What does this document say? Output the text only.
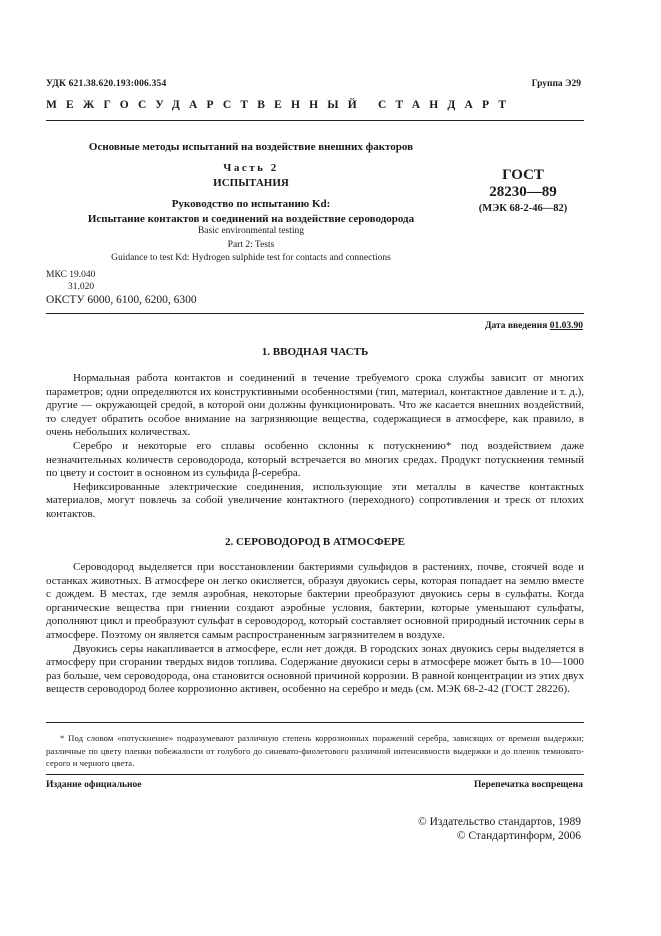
УДК 621.38.620.193:006.354	Группа Э29
МЕЖГОСУДАРСТВЕННЫЙ СТАНДАРТ
Основные методы испытаний на воздействие внешних факторов
Часть 2
ИСПЫТАНИЯ
Руководство по испытанию Kd:
Испытание контактов и соединений на воздействие сероводорода
ГОСТ
28230—89
(МЭК 68-2-46—82)
Basic environmental testing
Part 2: Tests
Guidance to test Kd: Hydrogen sulphide test for contacts and connections
МКС 19.040
31.020
ОКСТУ 6000, 6100, 6200, 6300
Дата введения 01.03.90
1. ВВОДНАЯ ЧАСТЬ

Нормальная работа контактов и соединений в течение требуемого срока службы зависит от многих параметров; одни определяются их конструктивными особенностями (тип, материал, контактное давление и т. д.), другие — окружающей средой, в которой они должны функционировать. Что же касается внешних воздействий, то следует обратить особое внимание на загрязняющие вещества, содержащиеся в атмосфере, как правило, в очень небольших количествах.

Серебро и некоторые его сплавы особенно склонны к потускнению* под воздействием даже незначительных количеств сероводорода, который встречается во многих средах. Продукт потускнения темный по цвету и состоит в основном из сульфида β-серебра.

Нефиксированные электрические соединения, использующие эти металлы в качестве контактных материалов, могут повлечь за собой увеличение контактного (переходного) сопротивления и треск от плохих контактов.

2. СЕРОВОДОРОД В АТМОСФЕРЕ

Сероводород выделяется при восстановлении бактериями сульфидов в растениях, почве, стоячей воде и останках животных. В атмосфере он легко окисляется, образуя двуокись серы, которая попадает на землю вместе с дождем. В местах, где земля аэробная, некоторые бактерии преобразуют двуокись серы в сульфаты. Когда органические вещества при гниении создают аэробные условия, бактерии, которые уменьшают сульфаты, дополняют цикл и преобразуют сульфат в сероводород, который составляет основной природный источник серы в атмосфере. Поэтому он является самым распространенным загрязнителем в воздухе.

Двуокись серы накапливается в атмосфере, если нет дождя. В городских зонах двуокись серы выделяется в атмосферу при сгорании твердых видов топлива. Содержание двуокиси серы в атмосфере может быть в 10—1000 раз больше, чем сероводорода, она становится основной причиной коррозии. В равной концентрации из этих двух веществ сероводород более коррозионно активен, особенно на серебро и медь (см. МЭК 68-2-42 (ГОСТ 28226).

* Под словом «потускнение» подразумевают различную степень коррозионных поражений серебра, зависящих от времени выдержки; различные по цвету пленки побежалости от голубого до синевато-фиолетового различной интенсивности выдержки и до пленок темновато-серого и черного цвета.

Издание официальное	Перепечатка воспрещена
© Издательство стандартов, 1989
© Стандартинформ, 2006
